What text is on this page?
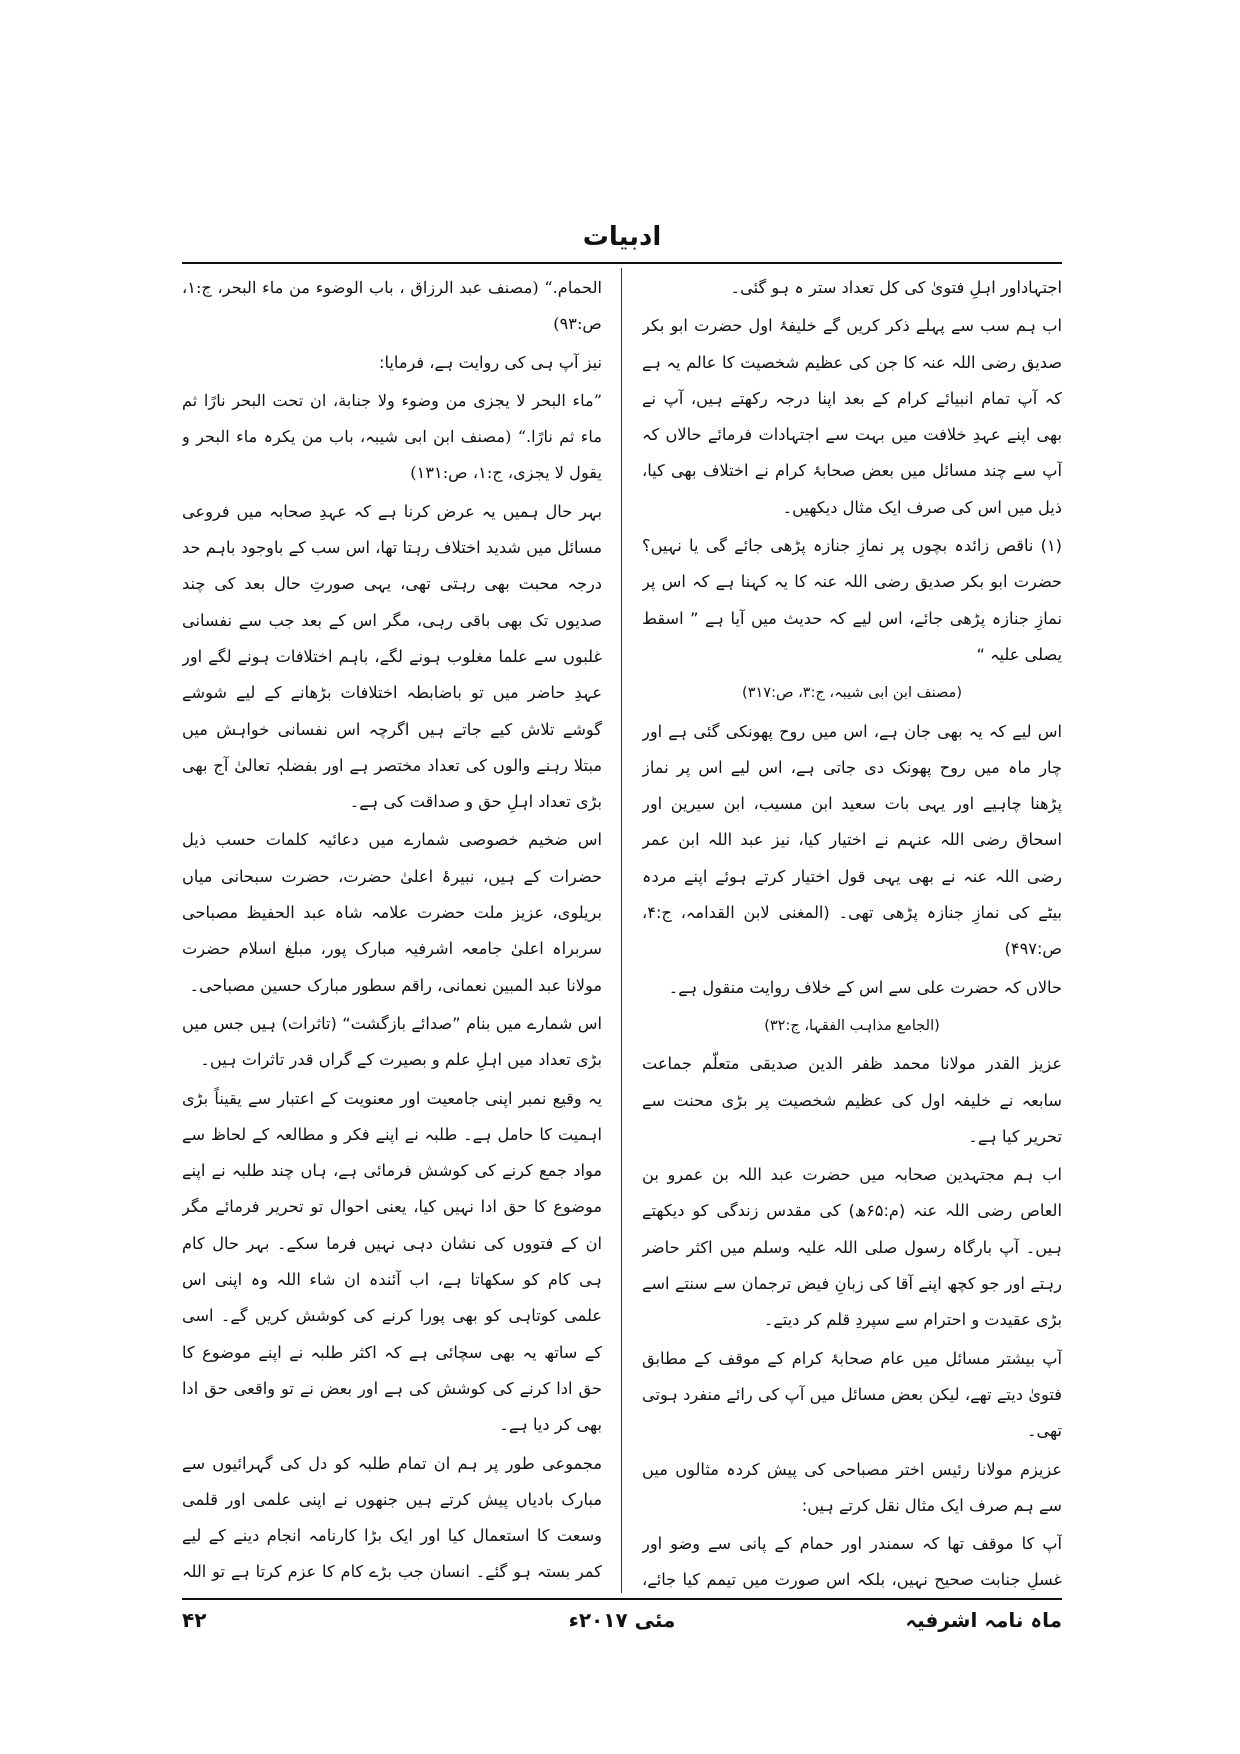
ادبیات

اجتہاداور اہلِ فتویٰ کی کل تعداد ستر ہ ہو گئی۔

اب ہم سب سے پہلے ذکر کریں گے خلیفۂ اول حضرت ابو بکر صدیق رضی اللہ عنہ کا جن کی عظیم شخصیت کا عالم یہ ہے کہ آپ تمام انبیائے کرام کے بعد اپنا درجہ رکھتے ہیں، آپ نے بھی اپنے عہدِ خلافت میں بہت سے اجتہادات فرمائے حالاں کہ آپ سے چند مسائل میں بعض صحابۂ کرام نے اختلاف بھی کیا، ذیل میں اس کی صرف ایک مثال دیکھیں۔

(۱) ناقص زائدہ بچوں پر نمازِ جنازہ پڑھی جائے گی یا نہیں؟ حضرت ابو بکر صدیق رضی اللہ عنہ کا یہ کہنا ہے کہ اس پر نمازِ جنازہ پڑھی جائے، اس لیے کہ حدیث میں آیا ہے ” اسقط یصلی علیہ “

(مصنف ابن ابی شیبہ، ج:۳، ص:۳۱۷)

اس لیے کہ یہ بھی جان ہے، اس میں روح پھونکی گئی ہے اور چار ماہ میں روح پھونک دی جاتی ہے، اس لیے اس پر نماز پڑھنا چاہیے اور یہی بات سعید ابن مسیب، ابن سیرین اور اسحاق رضی اللہ عنہم نے اختیار کیا، نیز عبد اللہ ابن عمر رضی اللہ عنہ نے بھی یہی قول اختیار کرتے ہوئے اپنے مردہ بیٹے کی نمازِ جنازہ پڑھی تھی۔ (المغنی لابن القدامہ، ج:۴، ص:۴۹۷)

حالاں کہ حضرت علی سے اس کے خلاف روایت منقول ہے۔

(الجامع مذاہب الفقہا، ج:۳۲)

عزیز القدر مولانا محمد ظفر الدین صدیقی متعلّم جماعت سابعہ نے خلیفہ اول کی عظیم شخصیت پر بڑی محنت سے تحریر کیا ہے۔

اب ہم مجتہدین صحابہ میں حضرت عبد اللہ بن عمرو بن العاص رضی اللہ عنہ (م:۶۵ھ) کی مقدس زندگی کو دیکھتے ہیں۔ آپ بارگاہ رسول صلی اللہ علیہ وسلم میں اکثر حاضر رہتے اور جو کچھ اپنے آقا کی زبانِ فیض ترجمان سے سنتے اسے بڑی عقیدت و احترام سے سپردِ قلم کر دیتے۔

آپ بیشتر مسائل میں عام صحابۂ کرام کے موقف کے مطابق فتویٰ دیتے تھے، لیکن بعض مسائل میں آپ کی رائے منفرد ہوتی تھی۔

عزیزم مولانا رئیس اختر مصباحی کی پیش کردہ مثالوں میں سے ہم صرف ایک مثال نقل کرتے ہیں:

آپ کا موقف تھا کہ سمندر اور حمام کے پانی سے وضو اور غسلِ جنابت صحیح نہیں، بلکہ اس صورت میں تیمم کیا جائے،

الحمام.“ (مصنف عبد الرزاق ، باب الوضوء من ماء البحر، ج:۱، ص:۹۳)

نیز آپ ہی کی روایت ہے، فرمایا:

”ماء البحر لا یجزی من وضوء ولا جنابة، ان تحت البحر نارًا ثم ماء ثم نارًا.“ (مصنف ابن ابی شیبہ، باب من یکرہ ماء البحر و یقول لا یجزی، ج:۱، ص:۱۳۱)

بہر حال ہمیں یہ عرض کرنا ہے کہ عہدِ صحابہ میں فروعی مسائل میں شدید اختلاف رہتا تھا، اس سب کے باوجود باہم حد درجہ محبت بھی رہتی تھی، یہی صورتِ حال بعد کی چند صدیوں تک بھی باقی رہی، مگر اس کے بعد جب سے نفسانی غلبوں سے علما مغلوب ہونے لگے، باہم اختلافات ہونے لگے اور عہدِ حاضر میں تو باضابطہ اختلافات بڑھانے کے لیے شوشے گوشے تلاش کیے جاتے ہیں اگرچہ اس نفسانی خواہش میں مبتلا رہنے والوں کی تعداد مختصر ہے اور بفضلہٖ تعالیٰ آج بھی بڑی تعداد اہلِ حق و صداقت کی ہے۔

اس ضخیم خصوصی شمارے میں دعائیہ کلمات حسب ذیل حضرات کے ہیں، نبیرۂ اعلیٰ حضرت، حضرت سبحانی میاں بریلوی، عزیز ملت حضرت علامہ شاہ عبد الحفیظ مصباحی سربراہ اعلیٰ جامعہ اشرفیہ مبارک پور، مبلغ اسلام حضرت مولانا عبد المبین نعمانی، راقم سطور مبارک حسین مصباحی۔

اس شمارے میں بنام ”صدائے بازگشت“ (تاثرات) ہیں جس میں بڑی تعداد میں اہلِ علم و بصیرت کے گراں قدر تاثرات ہیں۔

یہ وقیع نمبر اپنی جامعیت اور معنویت کے اعتبار سے یقیناً بڑی اہمیت کا حامل ہے۔ طلبہ نے اپنے فکر و مطالعہ کے لحاظ سے مواد جمع کرنے کی کوشش فرمائی ہے، ہاں چند طلبہ نے اپنے موضوع کا حق ادا نہیں کیا، یعنی احوال تو تحریر فرمائے مگر ان کے فتووں کی نشان دہی نہیں فرما سکے۔ بہر حال کام ہی کام کو سکھاتا ہے، اب آئندہ ان شاء اللہ وہ اپنی اس علمی کوتاہی کو بھی پورا کرنے کی کوشش کریں گے۔ اسی کے ساتھ یہ بھی سچائی ہے کہ اکثر طلبہ نے اپنے موضوع کا حق ادا کرنے کی کوشش کی ہے اور بعض نے تو واقعی حق ادا بھی کر دیا ہے۔

مجموعی طور پر ہم ان تمام طلبہ کو دل کی گہرائیوں سے مبارک بادیاں پیش کرتے ہیں جنھوں نے اپنی علمی اور قلمی وسعت کا استعمال کیا اور ایک بڑا کارنامہ انجام دینے کے لیے کمر بستہ ہو گئے۔ انسان جب بڑے کام کا عزم کرتا ہے تو اللہ

ماہ نامہ اشرفیہ
مئی ۲۰۱۷ء
۴۲
